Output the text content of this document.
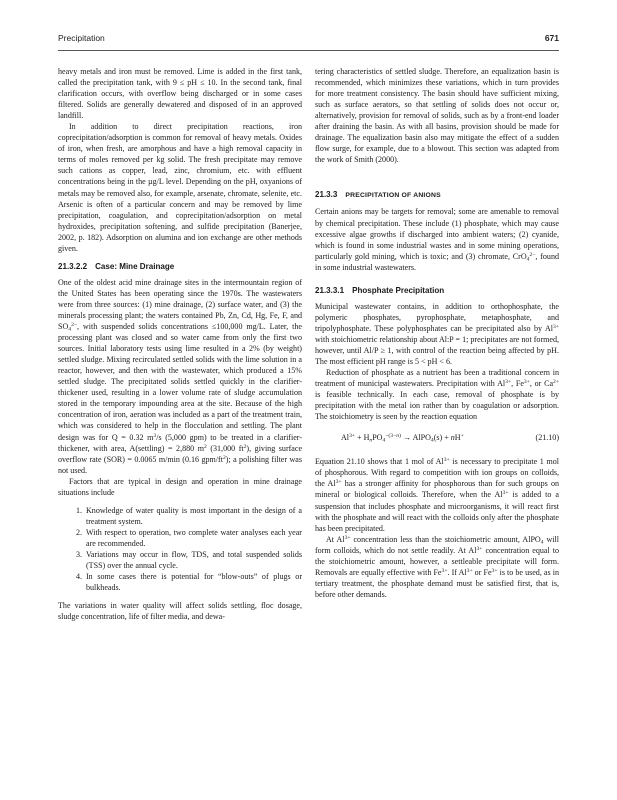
Precipitation	671

heavy metals and iron must be removed. Lime is added in the first tank, called the precipitation tank, with 9 ≤ pH ≤ 10. In the second tank, final clarification occurs, with overflow being discharged or in some cases filtered. Solids are generally dewatered and disposed of in an approved landfill.

In addition to direct precipitation reactions, iron coprecipitation/adsorption is common for removal of heavy metals. Oxides of iron, when fresh, are amorphous and have a high removal capacity in terms of moles removed per kg solid. The fresh precipitate may remove such cations as copper, lead, zinc, chromium, etc. with effluent concentrations being in the µg/L level. Depending on the pH, oxyanions of metals may be removed also, for example, arsenate, chromate, selenite, etc. Arsenic is often of a particular concern and may be removed by lime precipitation, coagulation, and coprecipitation/adsorption on metal hydroxides, precipitation softening, and sulfide precipitation (Banerjee, 2002, p. 182). Adsorption on alumina and ion exchange are other methods given.

21.3.2.2 Case: Mine Drainage

One of the oldest acid mine drainage sites in the intermountain region of the United States has been operating since the 1970s. The wastewaters were from three sources: (1) mine drainage, (2) surface water, and (3) the minerals processing plant; the waters contained Pb, Zn, Cd, Hg, Fe, F, and $SO_4^{2-}$, with suspended solids concentrations ≤100,000 mg/L. Later, the processing plant was closed and so water came from only the first two sources. Initial laboratory tests using lime resulted in a 2% (by weight) settled sludge. Mixing recirculated settled solids with the lime solution in a reactor, however, and then with the wastewater, which produced a 15% settled sludge. The precipitated solids settled quickly in the clarifier-thickener used, resulting in a lower volume rate of sludge accumulation stored in the temporary impounding area at the site. Because of the high concentration of iron, aeration was included as a part of the treatment train, which was considered to help in the flocculation and settling. The plant design was for Q = 0.32 $m^3/s$ (5,000 gpm) to be treated in a clarifier-thickener, with area, A(settling) = 2,880 $m^2$ (31,000 $ft^2$), giving surface overflow rate (SOR) = 0.0065 m/min (0.16 gpm/$ft^2$); a polishing filter was not used.

Factors that are typical in design and operation in mine drainage situations include

1. Knowledge of water quality is most important in the design of a treatment system.
2. With respect to operation, two complete water analyses each year are recommended.
3. Variations may occur in flow, TDS, and total suspended solids (TSS) over the annual cycle.
4. In some cases there is potential for “blow-outs” of plugs or bulkheads.

The variations in water quality will affect solids settling, floc dosage, sludge concentration, life of filter media, and dewa-

tering characteristics of settled sludge. Therefore, an equalization basin is recommended, which minimizes these variations, which in turn provides for more treatment consistency. The basin should have sufficient mixing, such as surface aerators, so that settling of solids does not occur or, alternatively, provision for removal of solids, such as by a front-end loader after draining the basin. As with all basins, provision should be made for drainage. The equalization basin also may mitigate the effect of a sudden flow surge, for example, due to a blowout. This section was adapted from the work of Smith (2000).

21.3.3 PRECIPITATION OF ANIONS

Certain anions may be targets for removal; some are amenable to removal by chemical precipitation. These include (1) phosphate, which may cause excessive algae growths if discharged into ambient waters; (2) cyanide, which is found in some industrial wastes and in some mining operations, particularly gold mining, which is toxic; and (3) chromate, CrO$_4^{2-}$, found in some industrial wastewaters.

21.3.3.1 Phosphate Precipitation

Municipal wastewater contains, in addition to orthophosphate, the polymeric phosphates, pyrophosphate, metaphosphate, and tripolyphosphate. These polyphosphates can be precipitated also by $Al^{3+}$ with stoichiometric relationship about Al:P = 1; precipitates are not formed, however, until Al/P ≥ 1, with control of the reaction being affected by pH. The most efficient pH range is 5 < pH < 6.

Reduction of phosphate as a nutrient has been a traditional concern in treatment of municipal wastewaters. Precipitation with $Al^{3+}$, $Fe^{3+}$, or $Ca^{2+}$ is feasible technically. In each case, removal of phosphate is by precipitation with the metal ion rather than by coagulation or adsorption. The stoichiometry is seen by the reaction equation

$Al^{3+} + H_nPO_4^{-(3-n)}$ → AlPO$_4$(s) + nH+	(21.10)

Equation 21.10 shows that 1 mol of $Al^{3+}$ is necessary to precipitate 1 mol of phosphorous. With regard to competition with ion groups on colloids, the $Al^{3+}$ has a stronger affinity for phosphorous than for such groups on mineral or biological colloids. Therefore, when the $Al^{3+}$ is added to a suspension that includes phosphate and microorganisms, it will react first with the phosphate and will react with the colloids only after the phosphate has been precipitated.

At $Al^{3+}$ concentration less than the stoichiometric amount, AlPO$_4$ will form colloids, which do not settle readily. At $Al^{3+}$ concentration equal to the stoichiometric amount, however, a settleable precipitate will form. Removals are equally effective with $Fe^{3+}$. If $Al^{3+}$ or $Fe^{3+}$ is to be used, as in tertiary treatment, the phosphate demand must be satisfied first, that is, before other demands.
